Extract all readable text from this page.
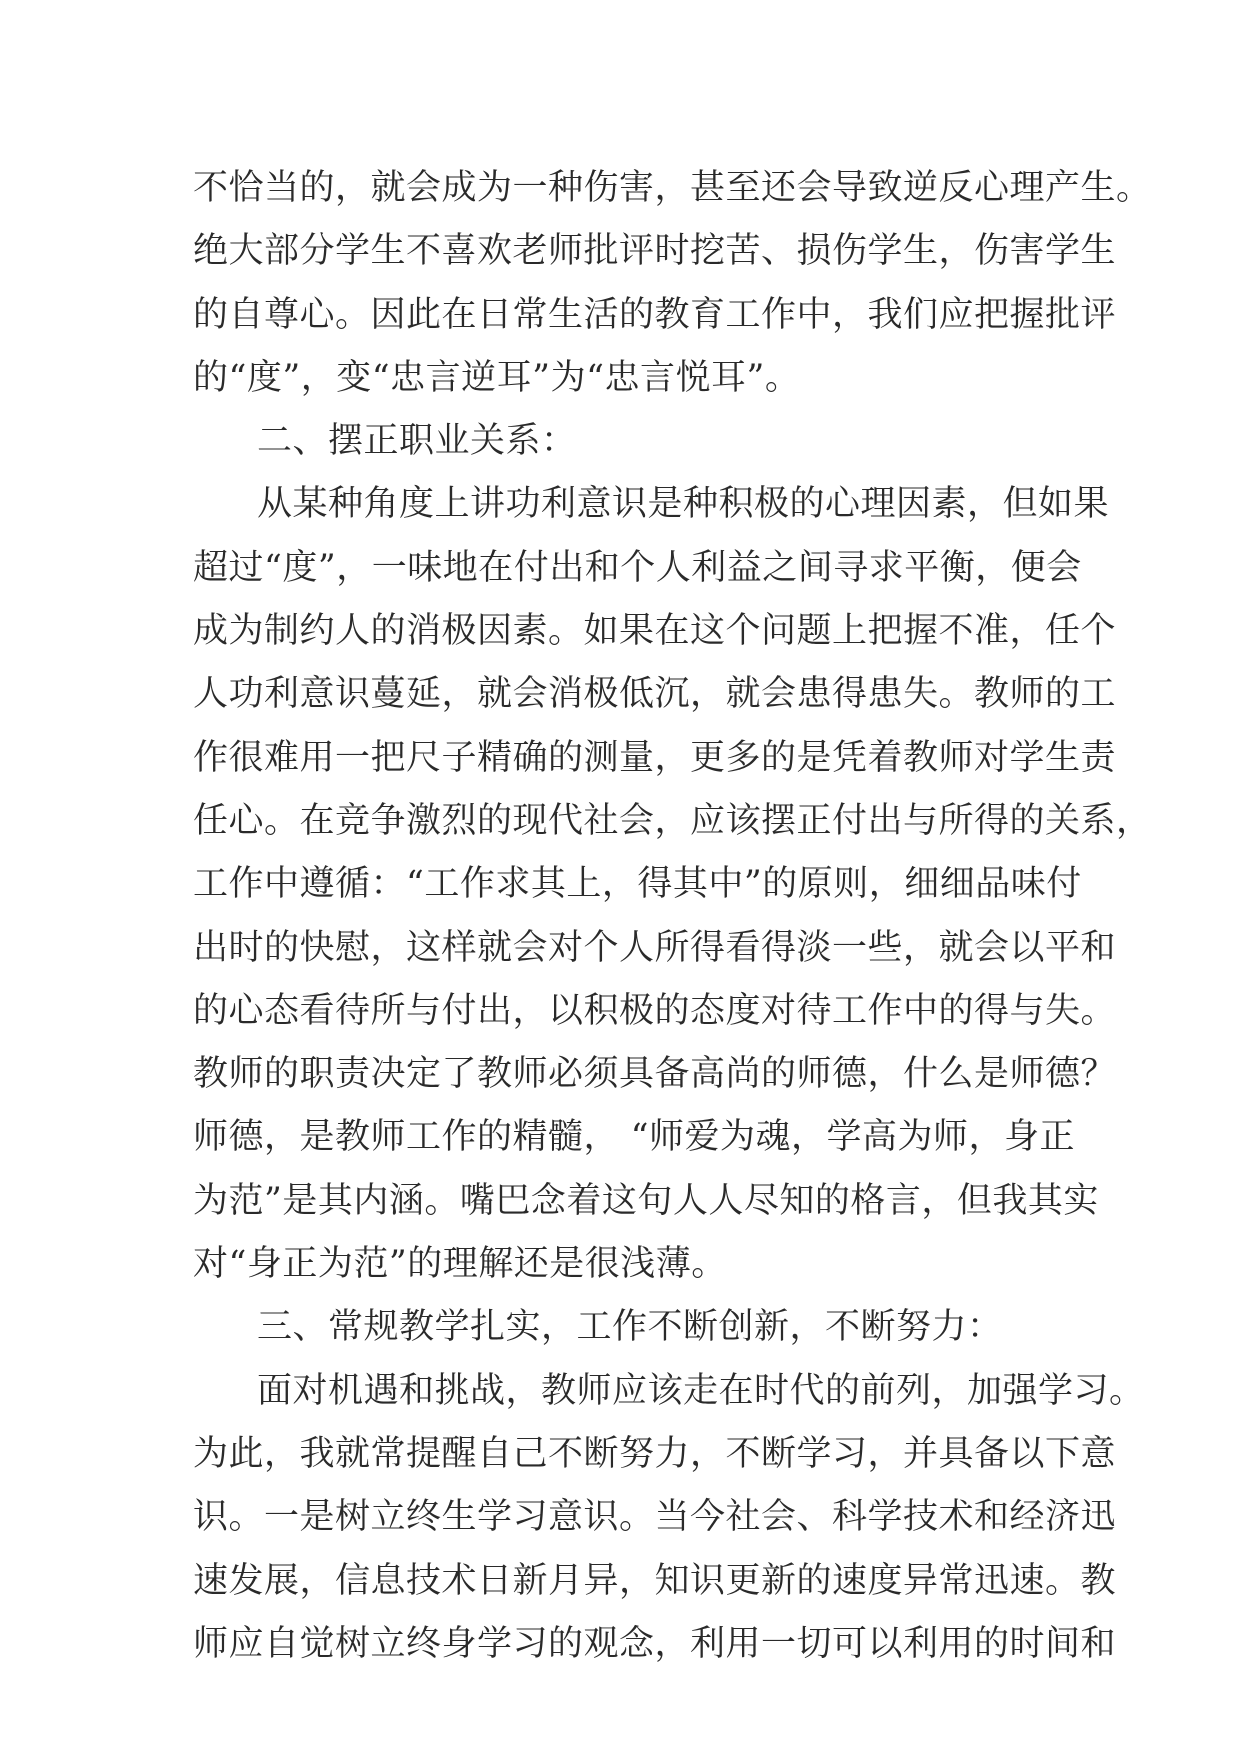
不恰当的，就会成为一种伤害，甚至还会导致逆反心理产生。
绝大部分学生不喜欢老师批评时挖苦、损伤学生，伤害学生
的自尊心。因此在日常生活的教育工作中，我们应把握批评
的“度”，变“忠言逆耳”为“忠言悦耳”。
二、摆正职业关系：
从某种角度上讲功利意识是种积极的心理因素，但如果
超过“度”，一味地在付出和个人利益之间寻求平衡，便会
成为制约人的消极因素。如果在这个问题上把握不准，任个
人功利意识蔓延，就会消极低沉，就会患得患失。教师的工
作很难用一把尺子精确的测量，更多的是凭着教师对学生责
任心。在竞争激烈的现代社会，应该摆正付出与所得的关系，
工作中遵循：“工作求其上，得其中”的原则，细细品味付
出时的快慰，这样就会对个人所得看得淡一些，就会以平和
的心态看待所与付出，以积极的态度对待工作中的得与失。
教师的职责决定了教师必须具备高尚的师德，什么是师德？
师德，是教师工作的精髓， “师爱为魂，学高为师，身正
为范”是其内涵。嘴巴念着这句人人尽知的格言，但我其实
对“身正为范”的理解还是很浅薄。
三、常规教学扎实，工作不断创新，不断努力：
面对机遇和挑战，教师应该走在时代的前列，加强学习。
为此，我就常提醒自己不断努力，不断学习，并具备以下意
识。一是树立终生学习意识。当今社会、科学技术和经济迅
速发展，信息技术日新月异，知识更新的速度异常迅速。教
师应自觉树立终身学习的观念，利用一切可以利用的时间和
